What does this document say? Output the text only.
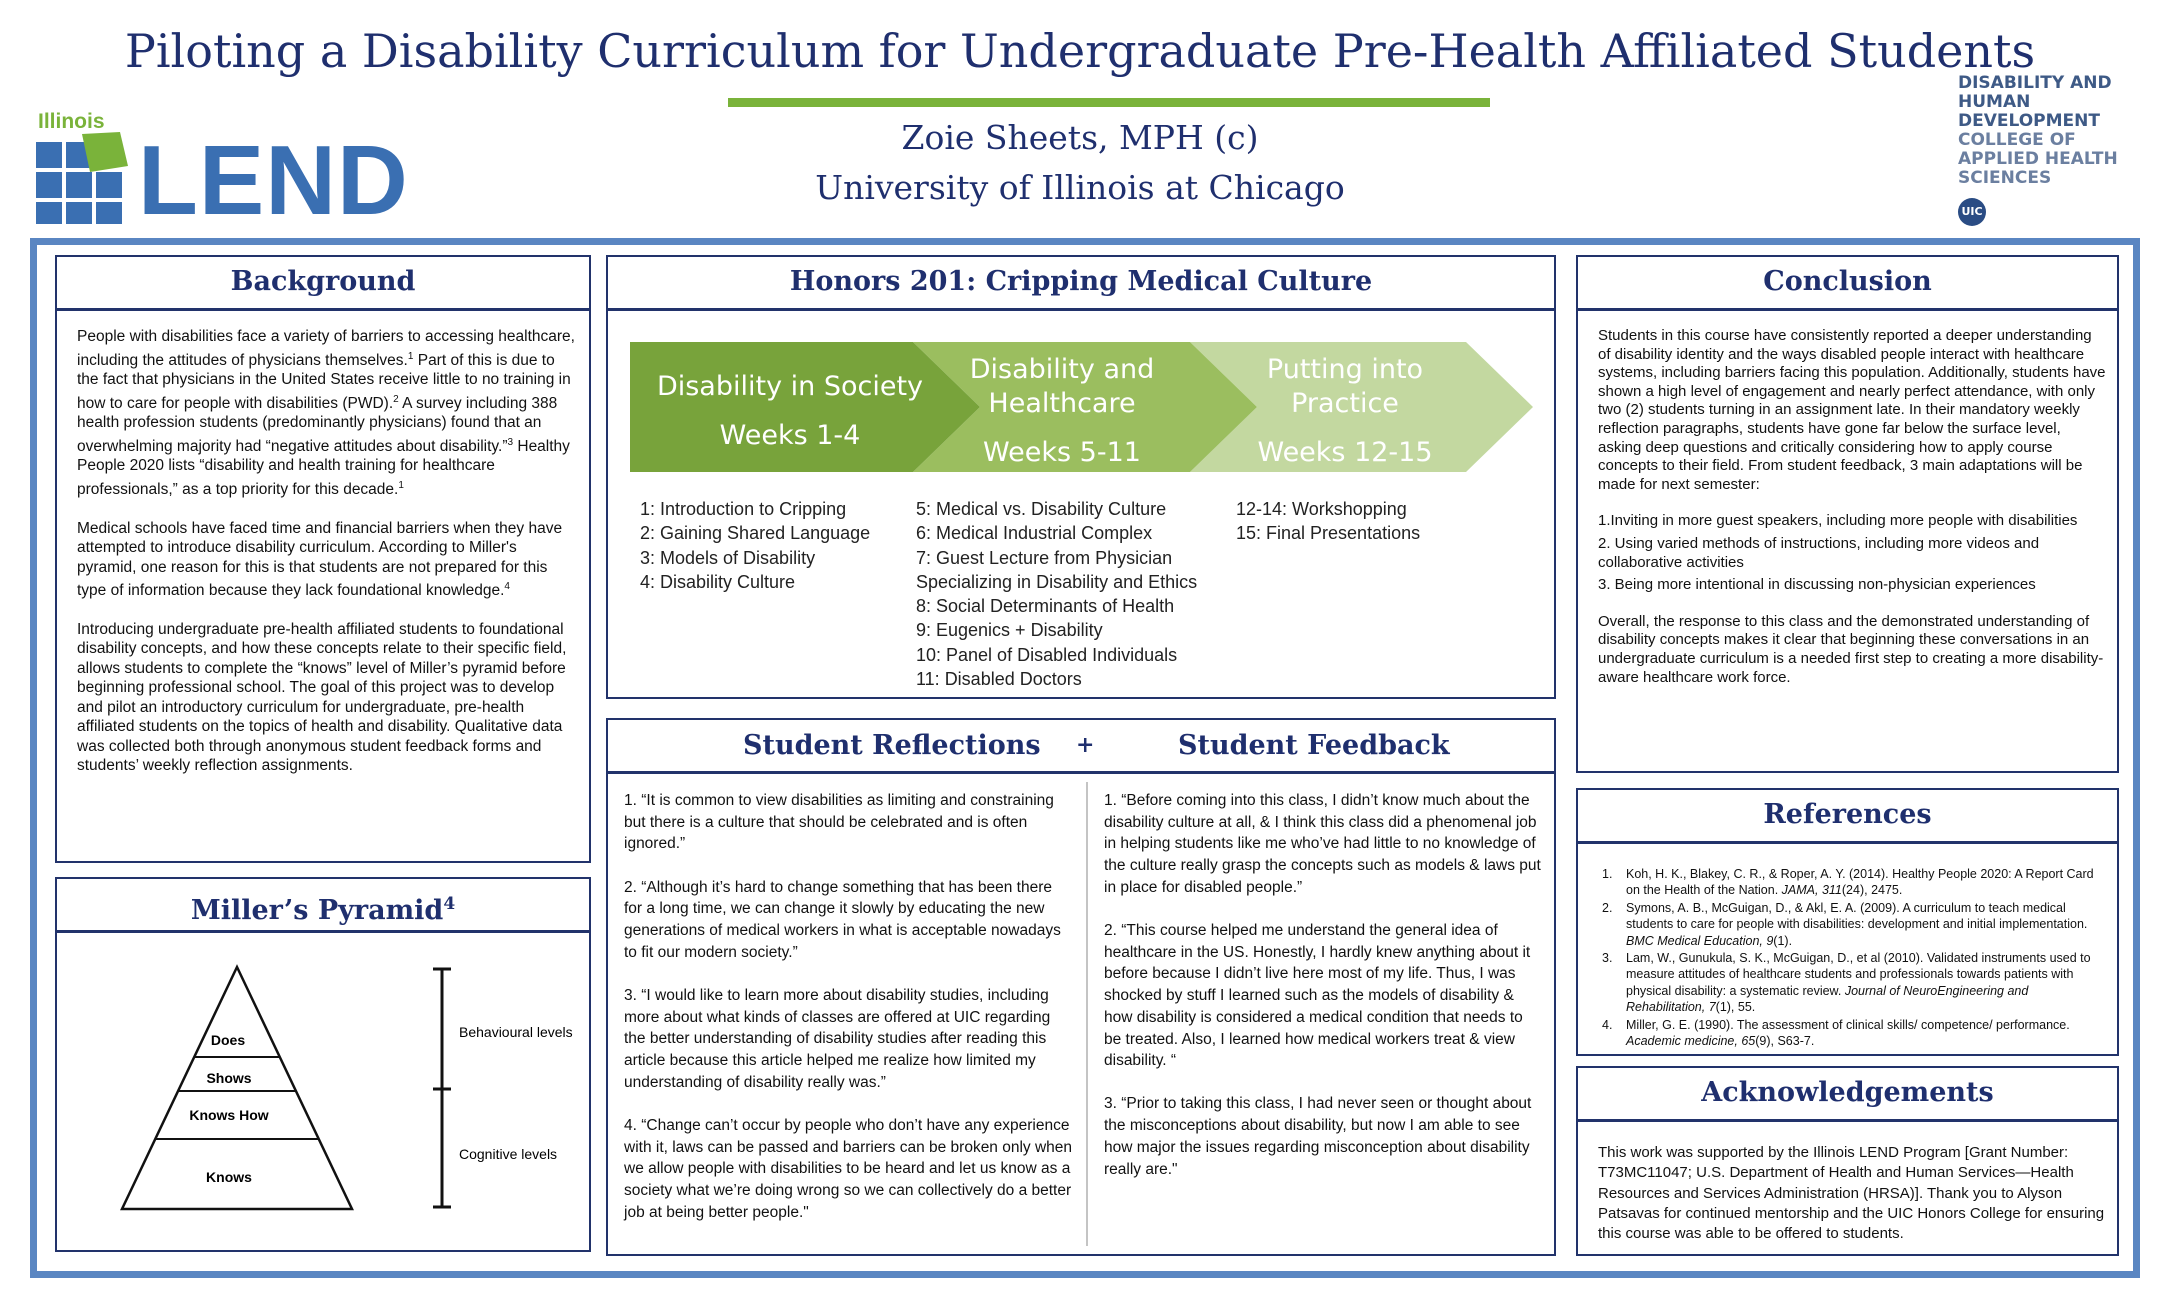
Piloting a Disability Curriculum for Undergraduate Pre-Health Affiliated Students
Zoie Sheets, MPH (c)
University of Illinois at Chicago
Illinois
LEND
DISABILITY AND
HUMAN
DEVELOPMENT
COLLEGE OF
APPLIED HEALTH
SCIENCES
UIC
Background

People with disabilities face a variety of barriers to accessing healthcare, including the attitudes of physicians themselves.$^1$ Part of this is due to the fact that physicians in the United States receive little to no training in how to care for people with disabilities (PWD).$^2$ A survey including 388 health profession students (predominantly physicians) found that an overwhelming majority had “negative attitudes about disability.”$^3$ Healthy People 2020 lists “disability and health training for healthcare professionals,” as a top priority for this decade.$^1$

Medical schools have faced time and financial barriers when they have attempted to introduce disability curriculum. According to Miller's pyramid, one reason for this is that students are not prepared for this type of information because they lack foundational knowledge.$^4$

Introducing undergraduate pre-health affiliated students to foundational disability concepts, and how these concepts relate to their specific field, allows students to complete the “knows” level of Miller’s pyramid before beginning professional school. The goal of this project was to develop and pilot an introductory curriculum for undergraduate, pre-health affiliated students on the topics of health and disability. Qualitative data was collected both through anonymous student feedback forms and students’ weekly reflection assignments.

Miller’s Pyramid$^4$
Does
Shows
Knows How
Knows
Behavioural levels
Cognitive levels
Honors 201: Cripping Medical Culture
Disability in Society
Weeks 1-4
Disability and
Healthcare
Weeks 5-11
Putting into
Practice
Weeks 12-15
1: Introduction to Cripping
2: Gaining Shared Language
3: Models of Disability
4: Disability Culture
5: Medical vs. Disability Culture
6: Medical Industrial Complex
7: Guest Lecture from Physician
Specializing in Disability and Ethics
8: Social Determinants of Health
9: Eugenics + Disability
10: Panel of Disabled Individuals
11: Disabled Doctors
12-14: Workshopping
15: Final Presentations
Student Reflections +	Student Feedback

1. “It is common to view disabilities as limiting and constraining but there is a culture that should be celebrated and is often ignored.”

2. “Although it’s hard to change something that has been there for a long time, we can change it slowly by educating the new generations of medical workers in what is acceptable nowadays to fit our modern society.”

3. “I would like to learn more about disability studies, including more about what kinds of classes are offered at UIC regarding the better understanding of disability studies after reading this article because this article helped me realize how limited my understanding of disability really was.”

4. “Change can’t occur by people who don’t have any experience with it, laws can be passed and barriers can be broken only when we allow people with disabilities to be heard and let us know as a society what we’re doing wrong so we can collectively do a better job at being better people."

1. “Before coming into this class, I didn’t know much about the disability culture at all, & I think this class did a phenomenal job in helping students like me who’ve had little to no knowledge of the culture really grasp the concepts such as models & laws put in place for disabled people.”

2. “This course helped me understand the general idea of healthcare in the US. Honestly, I hardly knew anything about it before because I didn’t live here most of my life. Thus, I was shocked by stuff I learned such as the models of disability & how disability is considered a medical condition that needs to be treated. Also, I learned how medical workers treat & view disability. “

3. “Prior to taking this class, I had never seen or thought about the misconceptions about disability, but now I am able to see how major the issues regarding misconception about disability really are."

Conclusion

Students in this course have consistently reported a deeper understanding of disability identity and the ways disabled people interact with healthcare systems, including barriers facing this population. Additionally, students have shown a high level of engagement and nearly perfect attendance, with only two (2) students turning in an assignment late. In their mandatory weekly reflection paragraphs, students have gone far below the surface level, asking deep questions and critically considering how to apply course concepts to their field. From student feedback, 3 main adaptations will be made for next semester:

1.Inviting in more guest speakers, including more people with disabilities

2. Using varied methods of instructions, including more videos and collaborative activities

3. Being more intentional in discussing non-physician experiences

Overall, the response to this class and the demonstrated understanding of disability concepts makes it clear that beginning these conversations in an undergraduate curriculum is a needed first step to creating a more disability-aware healthcare work force.

References
1. Koh, H. K., Blakey, C. R., & Roper, A. Y. (2014). Healthy People 2020: A Report Card on the Health of the Nation. JAMA, 311(24), 2475.
2. Symons, A. B., McGuigan, D., & Akl, E. A. (2009). A curriculum to teach medical students to care for people with disabilities: development and initial implementation. BMC Medical Education, 9(1).
3. Lam, W., Gunukula, S. K., McGuigan, D., et al (2010). Validated instruments used to measure attitudes of healthcare students and professionals towards patients with physical disability: a systematic review. Journal of NeuroEngineering and Rehabilitation, 7(1), 55.
4. Miller, G. E. (1990). The assessment of clinical skills/ competence/ performance. Academic medicine, 65(9), S63-7.
Acknowledgements
This work was supported by the Illinois LEND Program [Grant Number: T73MC11047; U.S. Department of Health and Human Services—Health Resources and Services Administration (HRSA)]. Thank you to Alyson Patsavas for continued mentorship and the UIC Honors College for ensuring this course was able to be offered to students.
